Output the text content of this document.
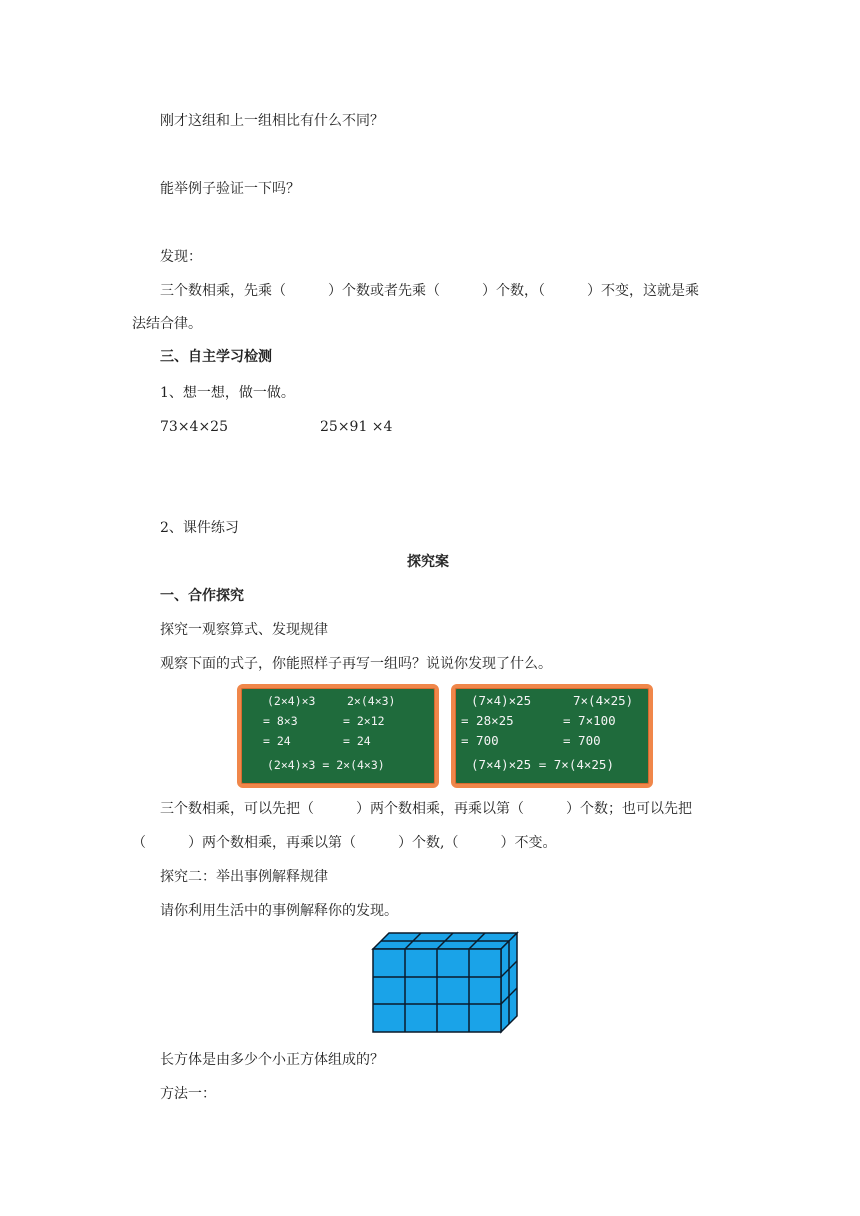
刚才这组和上一组相比有什么不同？

能举例子验证一下吗？

发现：

三个数相乘，先乘（　　　）个数或者先乘（　　　）个数，（　　　）不变，这就是乘

法结合律。

三、自主学习检测

1、想一想，做一做。

73×4×25	25×91 ×4

2、课件练习

探究案

一、合作探究

探究一观察算式、发现规律

观察下面的式子，你能照样子再写一组吗？说说你发现了什么。

(2×4)×3	2×(4×3)
= 8×3	= 2×12
= 24	= 24
(2×4)×3 = 2×(4×3)
(7×4)×25	7×(4×25)
= 28×25	= 7×100
= 700	= 700
(7×4)×25 = 7×(4×25)

三个数相乘，可以先把（　　　）两个数相乘，再乘以第（　　　）个数；也可以先把

（　　　）两个数相乘，再乘以第（　　　）个数,（　　　）不变。

探究二：举出事例解释规律

请你利用生活中的事例解释你的发现。

长方体是由多少个小正方体组成的？

方法一：
